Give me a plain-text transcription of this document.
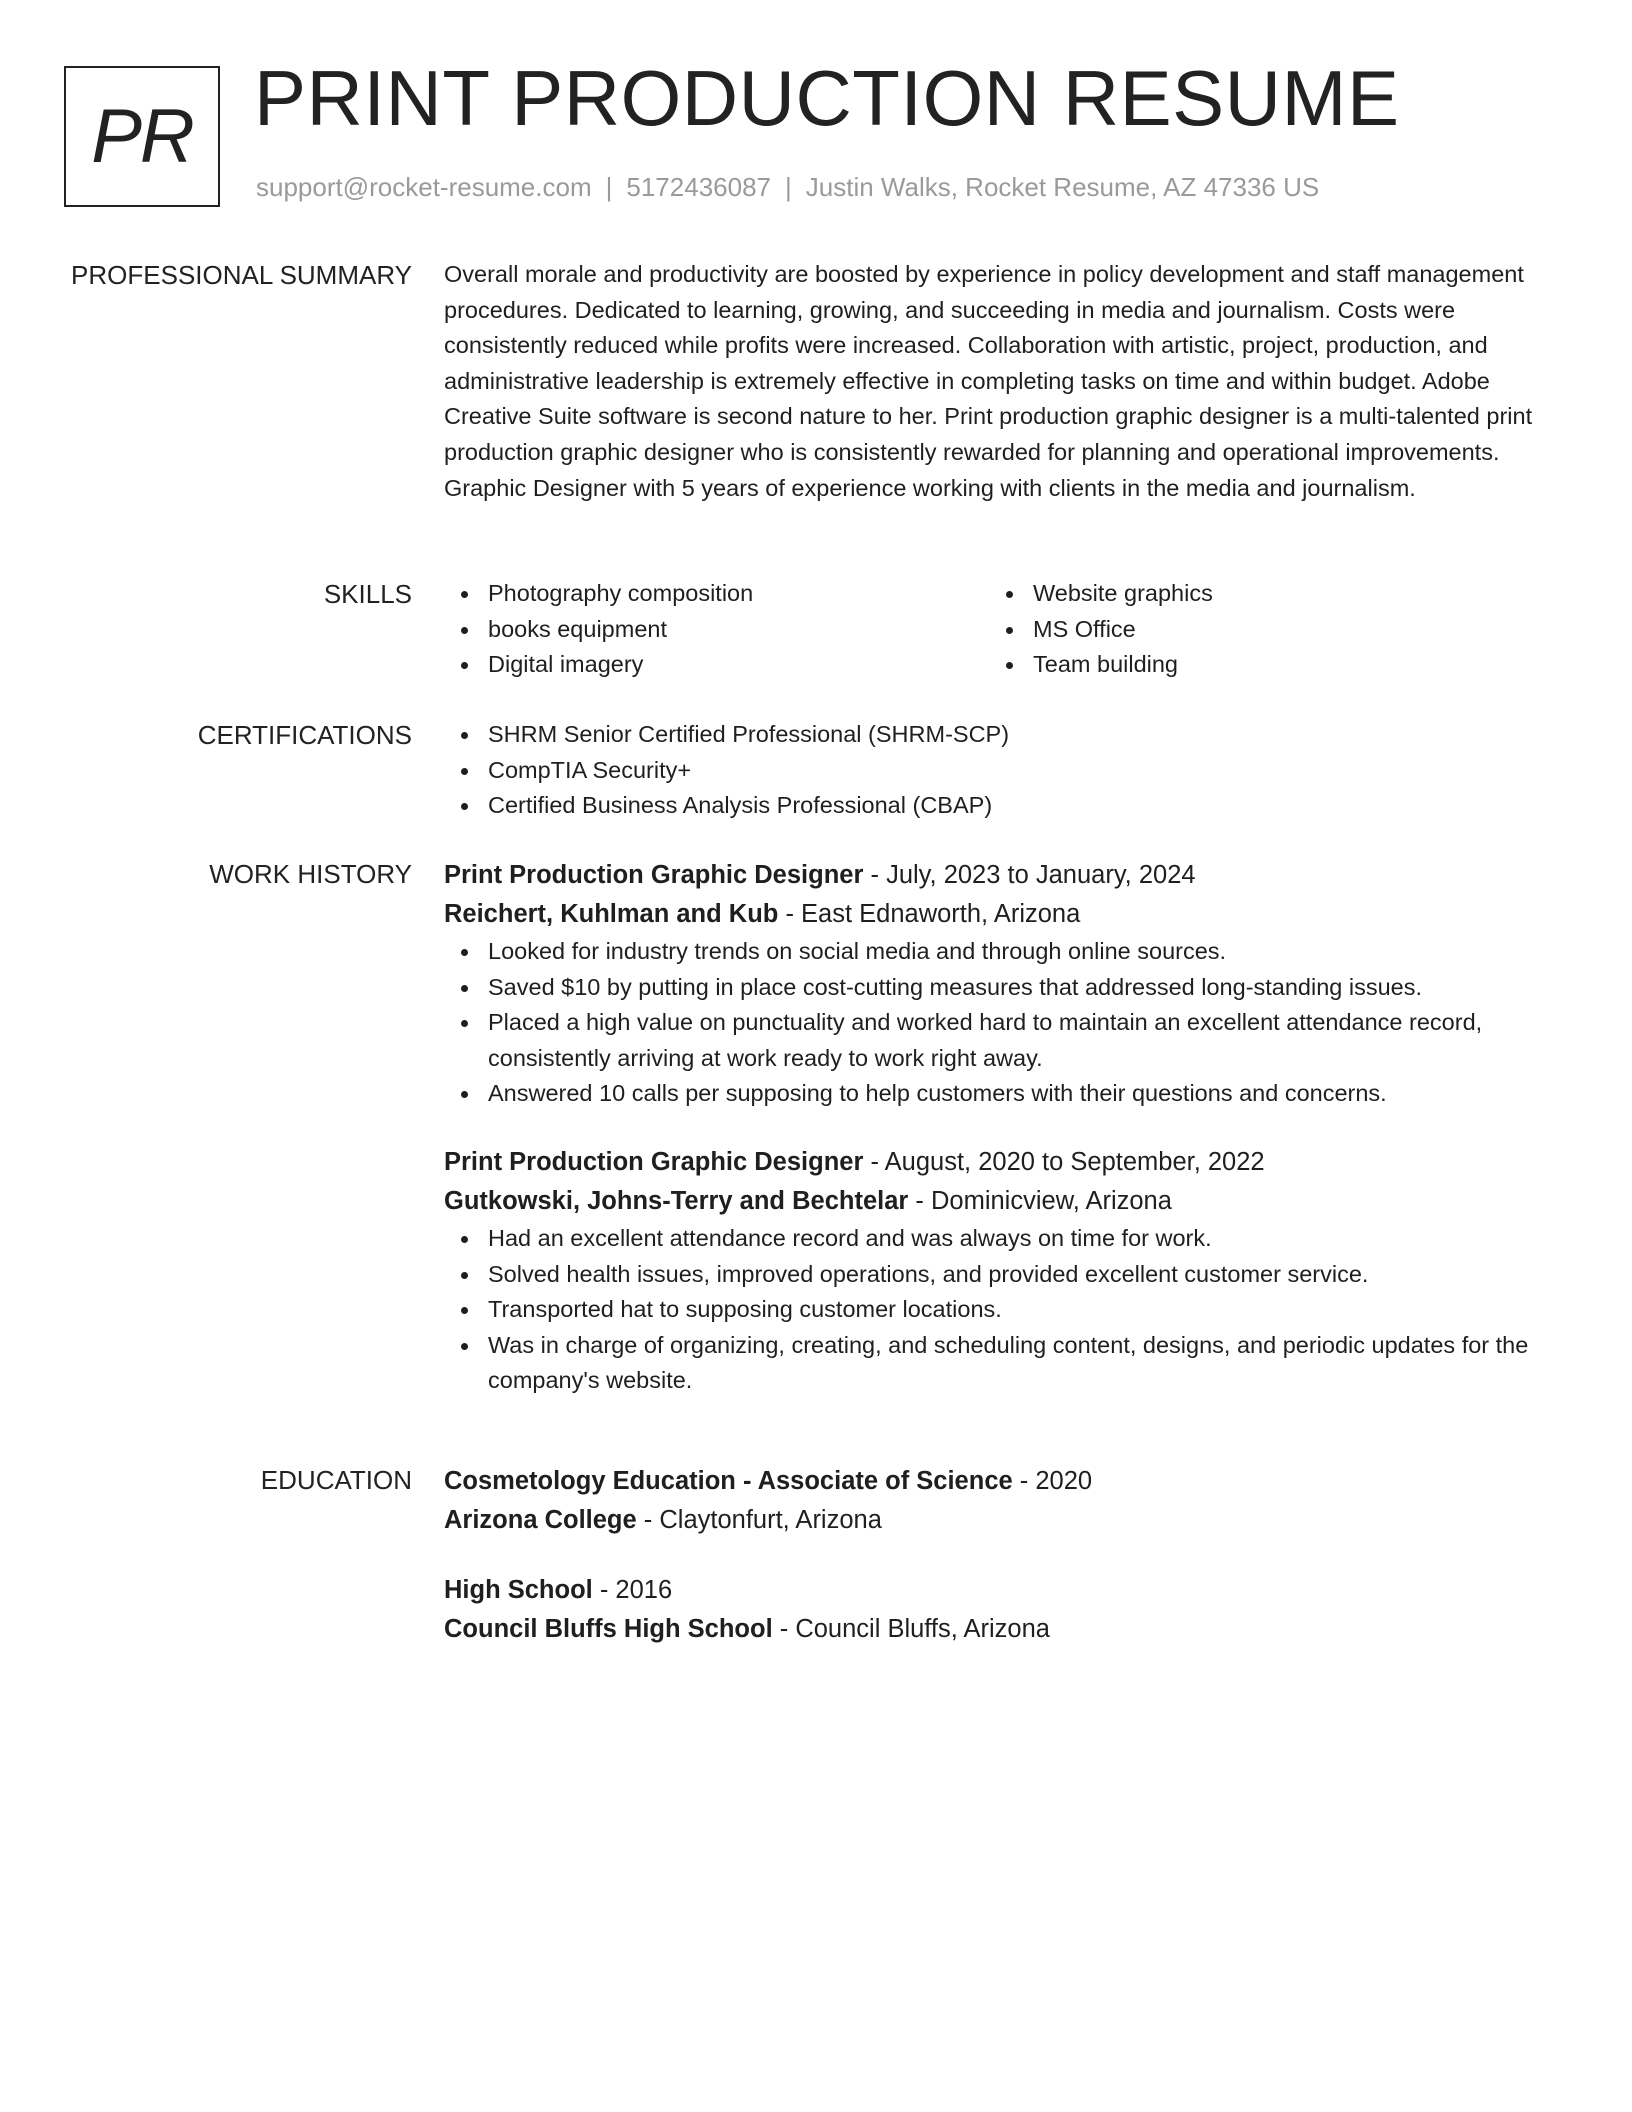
PR PRINT PRODUCTION RESUME
support@rocket-resume.com | 5172436087 | Justin Walks, Rocket Resume, AZ 47336 US
PROFESSIONAL SUMMARY Overall morale and productivity are boosted by experience in policy development and staff management procedures. Dedicated to learning, growing, and succeeding in media and journalism. Costs were consistently reduced while profits were increased. Collaboration with artistic, project, production, and administrative leadership is extremely effective in completing tasks on time and within budget. Adobe Creative Suite software is second nature to her. Print production graphic designer is a multi-talented print production graphic designer who is consistently rewarded for planning and operational improvements. Graphic Designer with 5 years of experience working with clients in the media and journalism.

SKILLS	Photography composition
books equipment
Digital imagery
Website graphics
MS Office
Team building
CERTIFICATIONS	SHRM Senior Certified Professional (SHRM-SCP)
CompTIA Security+
Certified Business Analysis Professional (CBAP)
WORK HISTORY Print Production Graphic Designer - July, 2023 to January, 2024
Reichert, Kuhlman and Kub - East Ednaworth, Arizona
Looked for industry trends on social media and through online sources.
Saved $10 by putting in place cost-cutting measures that addressed long-standing issues.
Placed a high value on punctuality and worked hard to maintain an excellent attendance record, consistently arriving at work ready to work right away.
Answered 10 calls per supposing to help customers with their questions and concerns.
Print Production Graphic Designer - August, 2020 to September, 2022
Gutkowski, Johns-Terry and Bechtelar - Dominicview, Arizona
Had an excellent attendance record and was always on time for work.
Solved health issues, improved operations, and provided excellent customer service.
Transported hat to supposing customer locations.
Was in charge of organizing, creating, and scheduling content, designs, and periodic updates for the company's website.
EDUCATION Cosmetology Education - Associate of Science - 2020
Arizona College - Claytonfurt, Arizona
High School - 2016
Council Bluffs High School - Council Bluffs, Arizona
